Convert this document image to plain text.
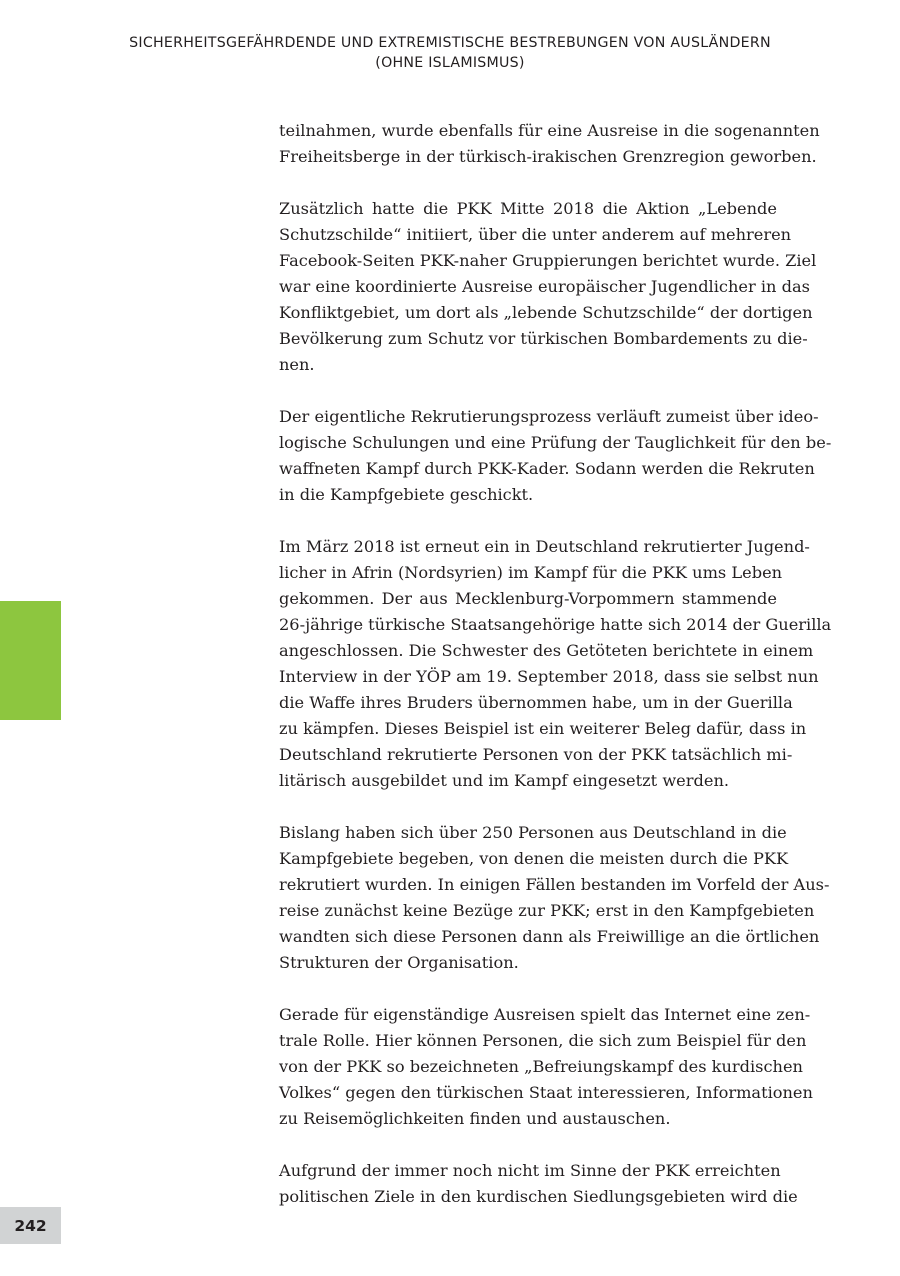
SICHERHEITSGEFÄHRDENDE UND EXTREMISTISCHE BESTREBUNGEN VON AUSLÄNDERN
(OHNE ISLAMISMUS)

teilnahmen, wurde ebenfalls für eine Ausreise in die sogenannten
Freiheitsberge in der türkisch-irakischen Grenzregion geworben.

Zusätzlich hatte die PKK Mitte 2018 die Aktion „Lebende
Schutzschilde“ initiiert, über die unter anderem auf mehreren
Facebook-Seiten PKK-naher Gruppierungen berichtet wurde. Ziel
war eine koordinierte Ausreise europäischer Jugendlicher in das
Konfliktgebiet, um dort als „lebende Schutzschilde“ der dortigen
Bevölkerung zum Schutz vor türkischen Bombardements zu die-
nen.

Der eigentliche Rekrutierungsprozess verläuft zumeist über ideo-
logische Schulungen und eine Prüfung der Tauglichkeit für den be-
waffneten Kampf durch PKK-Kader. Sodann werden die Rekruten
in die Kampfgebiete geschickt.

Im März 2018 ist erneut ein in Deutschland rekrutierter Jugend-
licher in Afrin (Nordsyrien) im Kampf für die PKK ums Leben
gekommen. Der aus Mecklenburg-Vorpommern stammende
26-jährige türkische Staatsangehörige hatte sich 2014 der Guerilla
angeschlossen. Die Schwester des Getöteten berichtete in einem
Interview in der YÖP am 19. September 2018, dass sie selbst nun
die Waffe ihres Bruders übernommen habe, um in der Guerilla
zu kämpfen. Dieses Beispiel ist ein weiterer Beleg dafür, dass in
Deutschland rekrutierte Personen von der PKK tatsächlich mi-
litärisch ausgebildet und im Kampf eingesetzt werden.

Bislang haben sich über 250 Personen aus Deutschland in die
Kampfgebiete begeben, von denen die meisten durch die PKK
rekrutiert wurden. In einigen Fällen bestanden im Vorfeld der Aus-
reise zunächst keine Bezüge zur PKK; erst in den Kampfgebieten
wandten sich diese Personen dann als Freiwillige an die örtlichen
Strukturen der Organisation.

Gerade für eigenständige Ausreisen spielt das Internet eine zen-
trale Rolle. Hier können Personen, die sich zum Beispiel für den
von der PKK so bezeichneten „Befreiungskampf des kurdischen
Volkes“ gegen den türkischen Staat interessieren, Informationen
zu Reisemöglichkeiten finden und austauschen.

Aufgrund der immer noch nicht im Sinne der PKK erreichten
politischen Ziele in den kurdischen Siedlungsgebieten wird die

242
